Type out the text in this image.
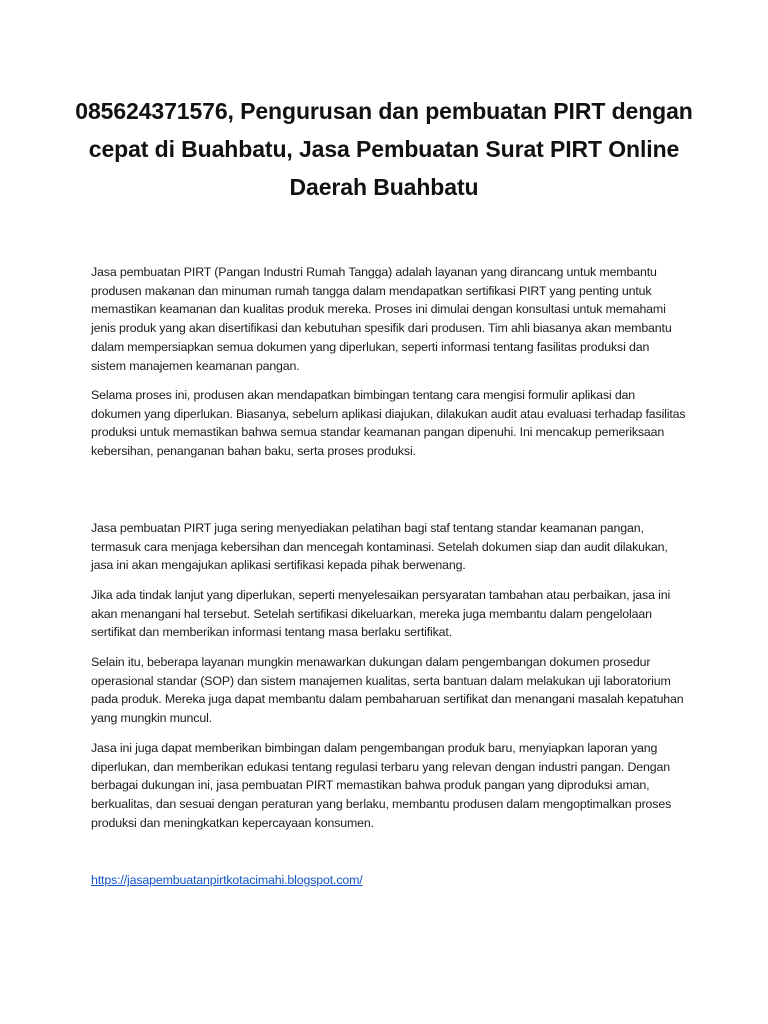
085624371576, Pengurusan dan pembuatan PIRT dengan cepat di Buahbatu, Jasa Pembuatan Surat PIRT Online Daerah Buahbatu

Jasa pembuatan PIRT (Pangan Industri Rumah Tangga) adalah layanan yang dirancang untuk membantu produsen makanan dan minuman rumah tangga dalam mendapatkan sertifikasi PIRT yang penting untuk memastikan keamanan dan kualitas produk mereka. Proses ini dimulai dengan konsultasi untuk memahami jenis produk yang akan disertifikasi dan kebutuhan spesifik dari produsen. Tim ahli biasanya akan membantu dalam mempersiapkan semua dokumen yang diperlukan, seperti informasi tentang fasilitas produksi dan sistem manajemen keamanan pangan.

Selama proses ini, produsen akan mendapatkan bimbingan tentang cara mengisi formulir aplikasi dan dokumen yang diperlukan. Biasanya, sebelum aplikasi diajukan, dilakukan audit atau evaluasi terhadap fasilitas produksi untuk memastikan bahwa semua standar keamanan pangan dipenuhi. Ini mencakup pemeriksaan kebersihan, penanganan bahan baku, serta proses produksi.

Jasa pembuatan PIRT juga sering menyediakan pelatihan bagi staf tentang standar keamanan pangan, termasuk cara menjaga kebersihan dan mencegah kontaminasi. Setelah dokumen siap dan audit dilakukan, jasa ini akan mengajukan aplikasi sertifikasi kepada pihak berwenang.

Jika ada tindak lanjut yang diperlukan, seperti menyelesaikan persyaratan tambahan atau perbaikan, jasa ini akan menangani hal tersebut. Setelah sertifikasi dikeluarkan, mereka juga membantu dalam pengelolaan sertifikat dan memberikan informasi tentang masa berlaku sertifikat.

Selain itu, beberapa layanan mungkin menawarkan dukungan dalam pengembangan dokumen prosedur operasional standar (SOP) dan sistem manajemen kualitas, serta bantuan dalam melakukan uji laboratorium pada produk. Mereka juga dapat membantu dalam pembaharuan sertifikat dan menangani masalah kepatuhan yang mungkin muncul.

Jasa ini juga dapat memberikan bimbingan dalam pengembangan produk baru, menyiapkan laporan yang diperlukan, dan memberikan edukasi tentang regulasi terbaru yang relevan dengan industri pangan. Dengan berbagai dukungan ini, jasa pembuatan PIRT memastikan bahwa produk pangan yang diproduksi aman, berkualitas, dan sesuai dengan peraturan yang berlaku, membantu produsen dalam mengoptimalkan proses produksi dan meningkatkan kepercayaan konsumen.

https://jasapembuatanpirtkotacimahi.blogspot.com/
